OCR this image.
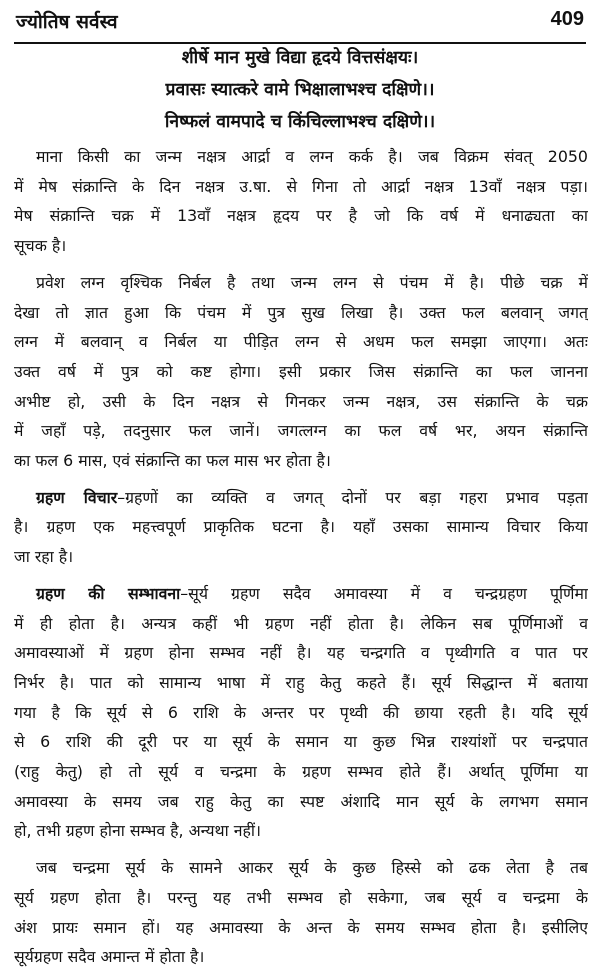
ज्योतिष सर्वस्व	409
शीर्षे मान मुखे विद्या हृदये वित्तसंक्षयः।
प्रवासः स्यात्करे वामे भिक्षालाभश्च दक्षिणे।।
निष्फलं वामपादे च किंचिल्लाभश्च दक्षिणे।।
माना किसी का जन्म नक्षत्र आर्द्रा व लग्न कर्क है। जब विक्रम संवत् 2050
में मेष संक्रान्ति के दिन नक्षत्र उ.षा. से गिना तो आर्द्रा नक्षत्र 13वाँ नक्षत्र पड़ा।
मेष संक्रान्ति चक्र में 13वाँ नक्षत्र हृदय पर है जो कि वर्ष में धनाढ्यता का
सूचक है।
प्रवेश लग्न वृश्चिक निर्बल है तथा जन्म लग्न से पंचम में है। पीछे चक्र में
देखा तो ज्ञात हुआ कि पंचम में पुत्र सुख लिखा है। उक्त फल बलवान् जगत्
लग्न में बलवान् व निर्बल या पीड़ित लग्न से अधम फल समझा जाएगा। अतः
उक्त वर्ष में पुत्र को कष्ट होगा। इसी प्रकार जिस संक्रान्ति का फल जानना
अभीष्ट हो, उसी के दिन नक्षत्र से गिनकर जन्म नक्षत्र, उस संक्रान्ति के चक्र
में जहाँ पड़े, तदनुसार फल जानें। जगत्लग्न का फल वर्ष भर, अयन संक्रान्ति
का फल 6 मास, एवं संक्रान्ति का फल मास भर होता है।
ग्रहण विचार–ग्रहणों का व्यक्ति व जगत् दोनों पर बड़ा गहरा प्रभाव पड़ता
है। ग्रहण एक महत्त्वपूर्ण प्राकृतिक घटना है। यहाँ उसका सामान्य विचार किया
जा रहा है।
ग्रहण की सम्भावना–सूर्य ग्रहण सदैव अमावस्या में व चन्द्रग्रहण पूर्णिमा
में ही होता है। अन्यत्र कहीं भी ग्रहण नहीं होता है। लेकिन सब पूर्णिमाओं व
अमावस्याओं में ग्रहण होना सम्भव नहीं है। यह चन्द्रगति व पृथ्वीगति व पात पर
निर्भर है। पात को सामान्य भाषा में राहु केतु कहते हैं। सूर्य सिद्धान्त में बताया
गया है कि सूर्य से 6 राशि के अन्तर पर पृथ्वी की छाया रहती है। यदि सूर्य
से 6 राशि की दूरी पर या सूर्य के समान या कुछ भिन्न राश्यांशों पर चन्द्रपात
(राहु केतु) हो तो सूर्य व चन्द्रमा के ग्रहण सम्भव होते हैं। अर्थात् पूर्णिमा या
अमावस्या के समय जब राहु केतु का स्पष्ट अंशादि मान सूर्य के लगभग समान
हो, तभी ग्रहण होना सम्भव है, अन्यथा नहीं।
जब चन्द्रमा सूर्य के सामने आकर सूर्य के कुछ हिस्से को ढक लेता है तब
सूर्य ग्रहण होता है। परन्तु यह तभी सम्भव हो सकेगा, जब सूर्य व चन्द्रमा के
अंश प्रायः समान हों। यह अमावस्या के अन्त के समय सम्भव होता है। इसीलिए
सूर्यग्रहण सदैव अमान्त में होता है।
